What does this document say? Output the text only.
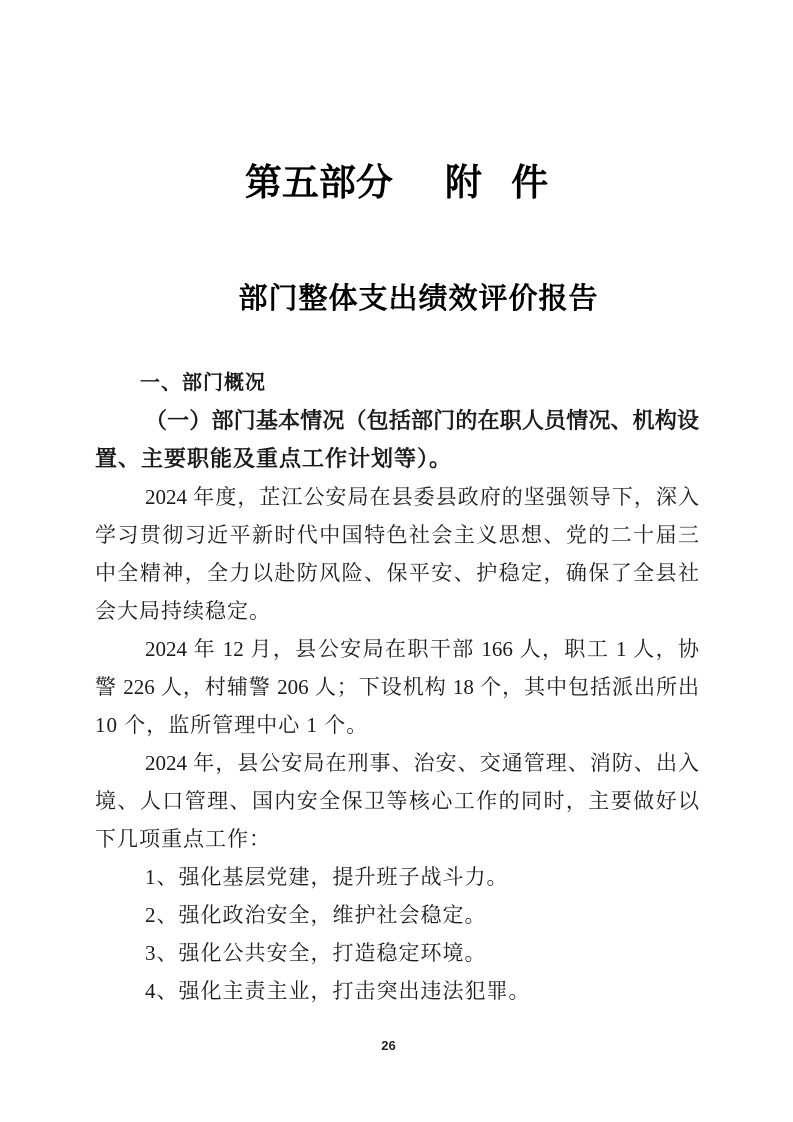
第五部分 附 件
部门整体支出绩效评价报告
一、部门概况
（一）部门基本情况（包括部门的在职人员情况、机构设
置、主要职能及重点工作计划等）。
2024 年度，芷江公安局在县委县政府的坚强领导下，深入
学习贯彻习近平新时代中国特色社会主义思想、党的二十届三
中全精神，全力以赴防风险、保平安、护稳定，确保了全县社
会大局持续稳定。
2024 年 12 月，县公安局在职干部 166 人，职工 1 人，协
警 226 人，村辅警 206 人；下设机构 18 个，其中包括派出所出
10 个，监所管理中心 1 个。
2024 年，县公安局在刑事、治安、交通管理、消防、出入
境、人口管理、国内安全保卫等核心工作的同时，主要做好以
下几项重点工作：
1、强化基层党建，提升班子战斗力。
2、强化政治安全，维护社会稳定。
3、强化公共安全，打造稳定环境。
4、强化主责主业，打击突出违法犯罪。
26
